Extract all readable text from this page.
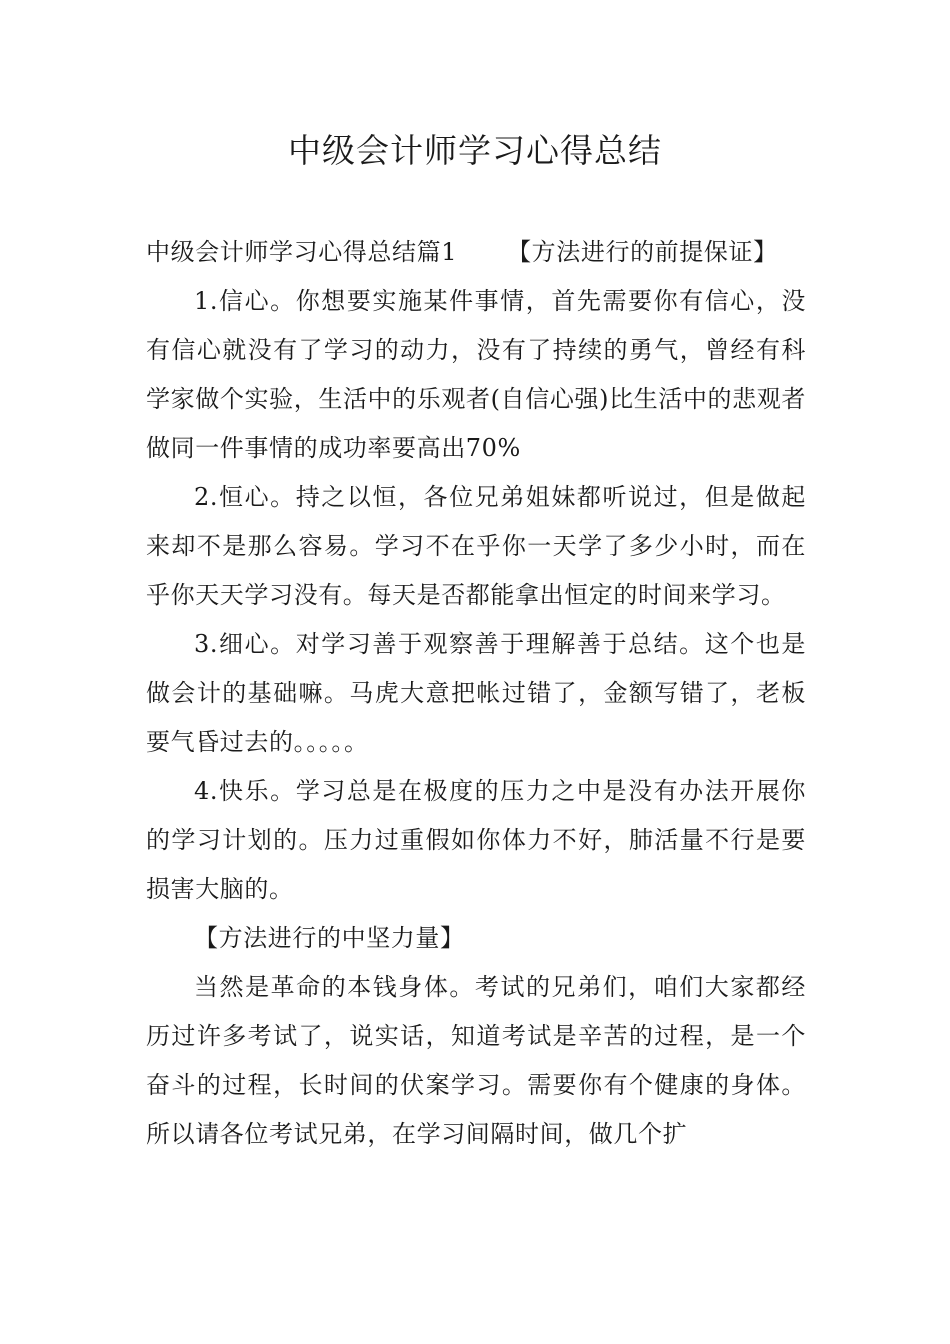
中级会计师学习心得总结

中级会计师学习心得总结篇1 【方法进行的前提保证】

1.信心。你想要实施某件事情，首先需要你有信心，没有信心就没有了学习的动力，没有了持续的勇气，曾经有科学家做个实验，生活中的乐观者(自信心强)比生活中的悲观者做同一件事情的成功率要高出70%

2.恒心。持之以恒，各位兄弟姐妹都听说过，但是做起来却不是那么容易。学习不在乎你一天学了多少小时，而在乎你天天学习没有。每天是否都能拿出恒定的时间来学习。

3.细心。对学习善于观察善于理解善于总结。这个也是做会计的基础嘛。马虎大意把帐过错了，金额写错了，老板要气昏过去的。。。。。

4.快乐。学习总是在极度的压力之中是没有办法开展你的学习计划的。压力过重假如你体力不好，肺活量不行是要损害大脑的。

【方法进行的中坚力量】

当然是革命的本钱身体。考试的兄弟们，咱们大家都经历过许多考试了，说实话，知道考试是辛苦的过程，是一个奋斗的过程，长时间的伏案学习。需要你有个健康的身体。所以请各位考试兄弟，在学习间隔时间，做几个扩
